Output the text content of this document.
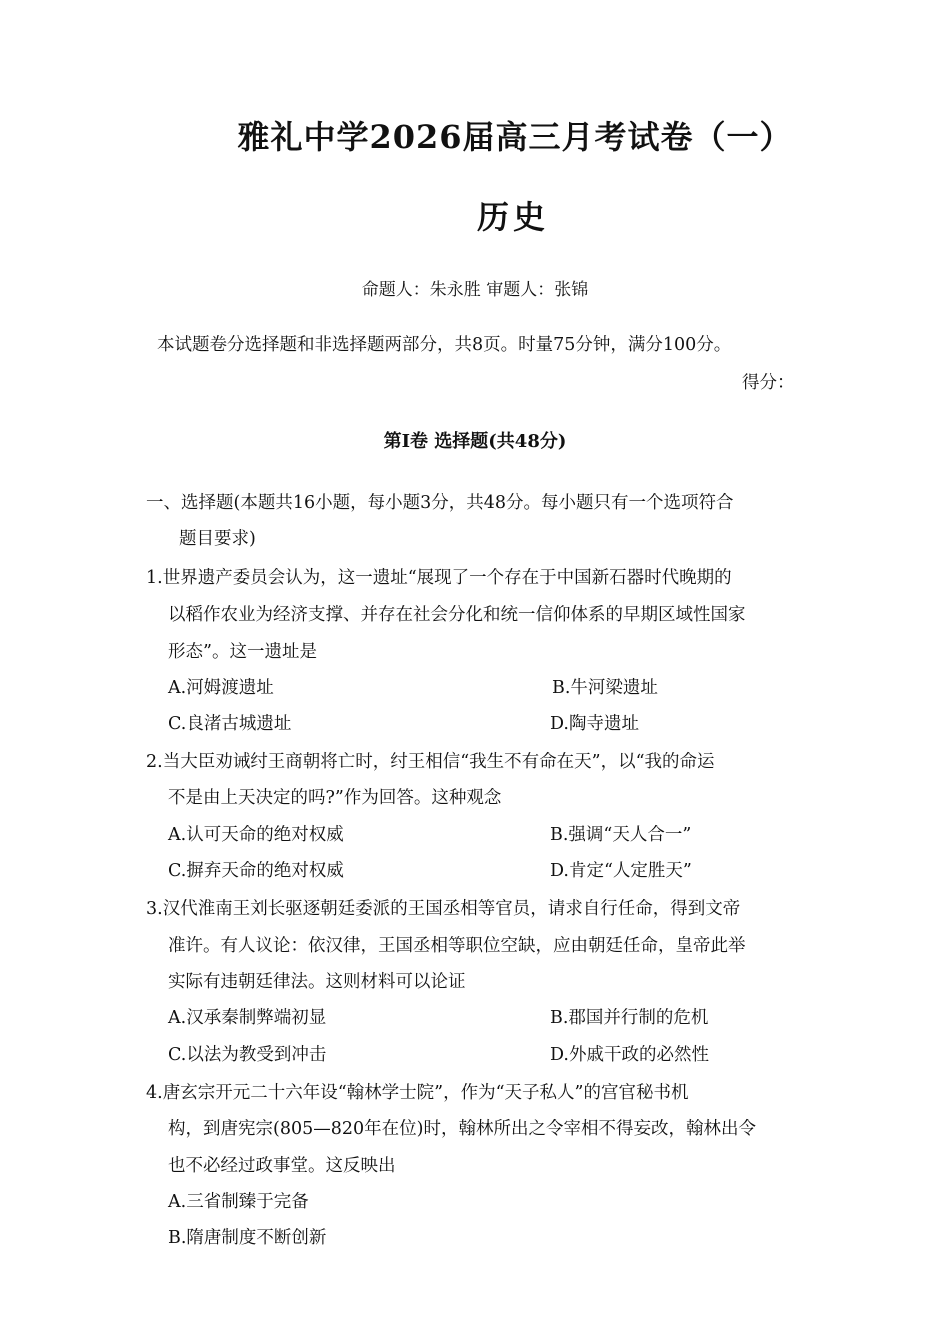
雅礼中学2026届高三月考试卷（一）
历史
命题人：朱永胜 审题人：张锦
本试题卷分选择题和非选择题两部分，共8页。时量75分钟，满分100分。
得分：
第Ⅰ卷 选择题(共48分)
一、选择题(本题共16小题，每小题3分，共48分。每小题只有一个选项符合
题目要求)
1.世界遗产委员会认为，这一遗址“展现了一个存在于中国新石器时代晚期的
以稻作农业为经济支撑、并存在社会分化和统一信仰体系的早期区域性国家
形态”。这一遗址是
A.河姆渡遗址	B.牛河梁遗址
C.良渚古城遗址	D.陶寺遗址
2.当大臣劝诫纣王商朝将亡时，纣王相信“我生不有命在天”，以“我的命运
不是由上天决定的吗?”作为回答。这种观念
A.认可天命的绝对权威	B.强调“天人合一”
C.摒弃天命的绝对权威	D.肯定“人定胜天”
3.汉代淮南王刘长驱逐朝廷委派的王国丞相等官员，请求自行任命，得到文帝
准许。有人议论：依汉律，王国丞相等职位空缺，应由朝廷任命，皇帝此举
实际有违朝廷律法。这则材料可以论证
A.汉承秦制弊端初显	B.郡国并行制的危机
C.以法为教受到冲击	D.外戚干政的必然性
4.唐玄宗开元二十六年设“翰林学士院”，作为“天子私人”的宫官秘书机
构，到唐宪宗(805—820年在位)时，翰林所出之令宰相不得妄改，翰林出令
也不必经过政事堂。这反映出
A.三省制臻于完备
B.隋唐制度不断创新
